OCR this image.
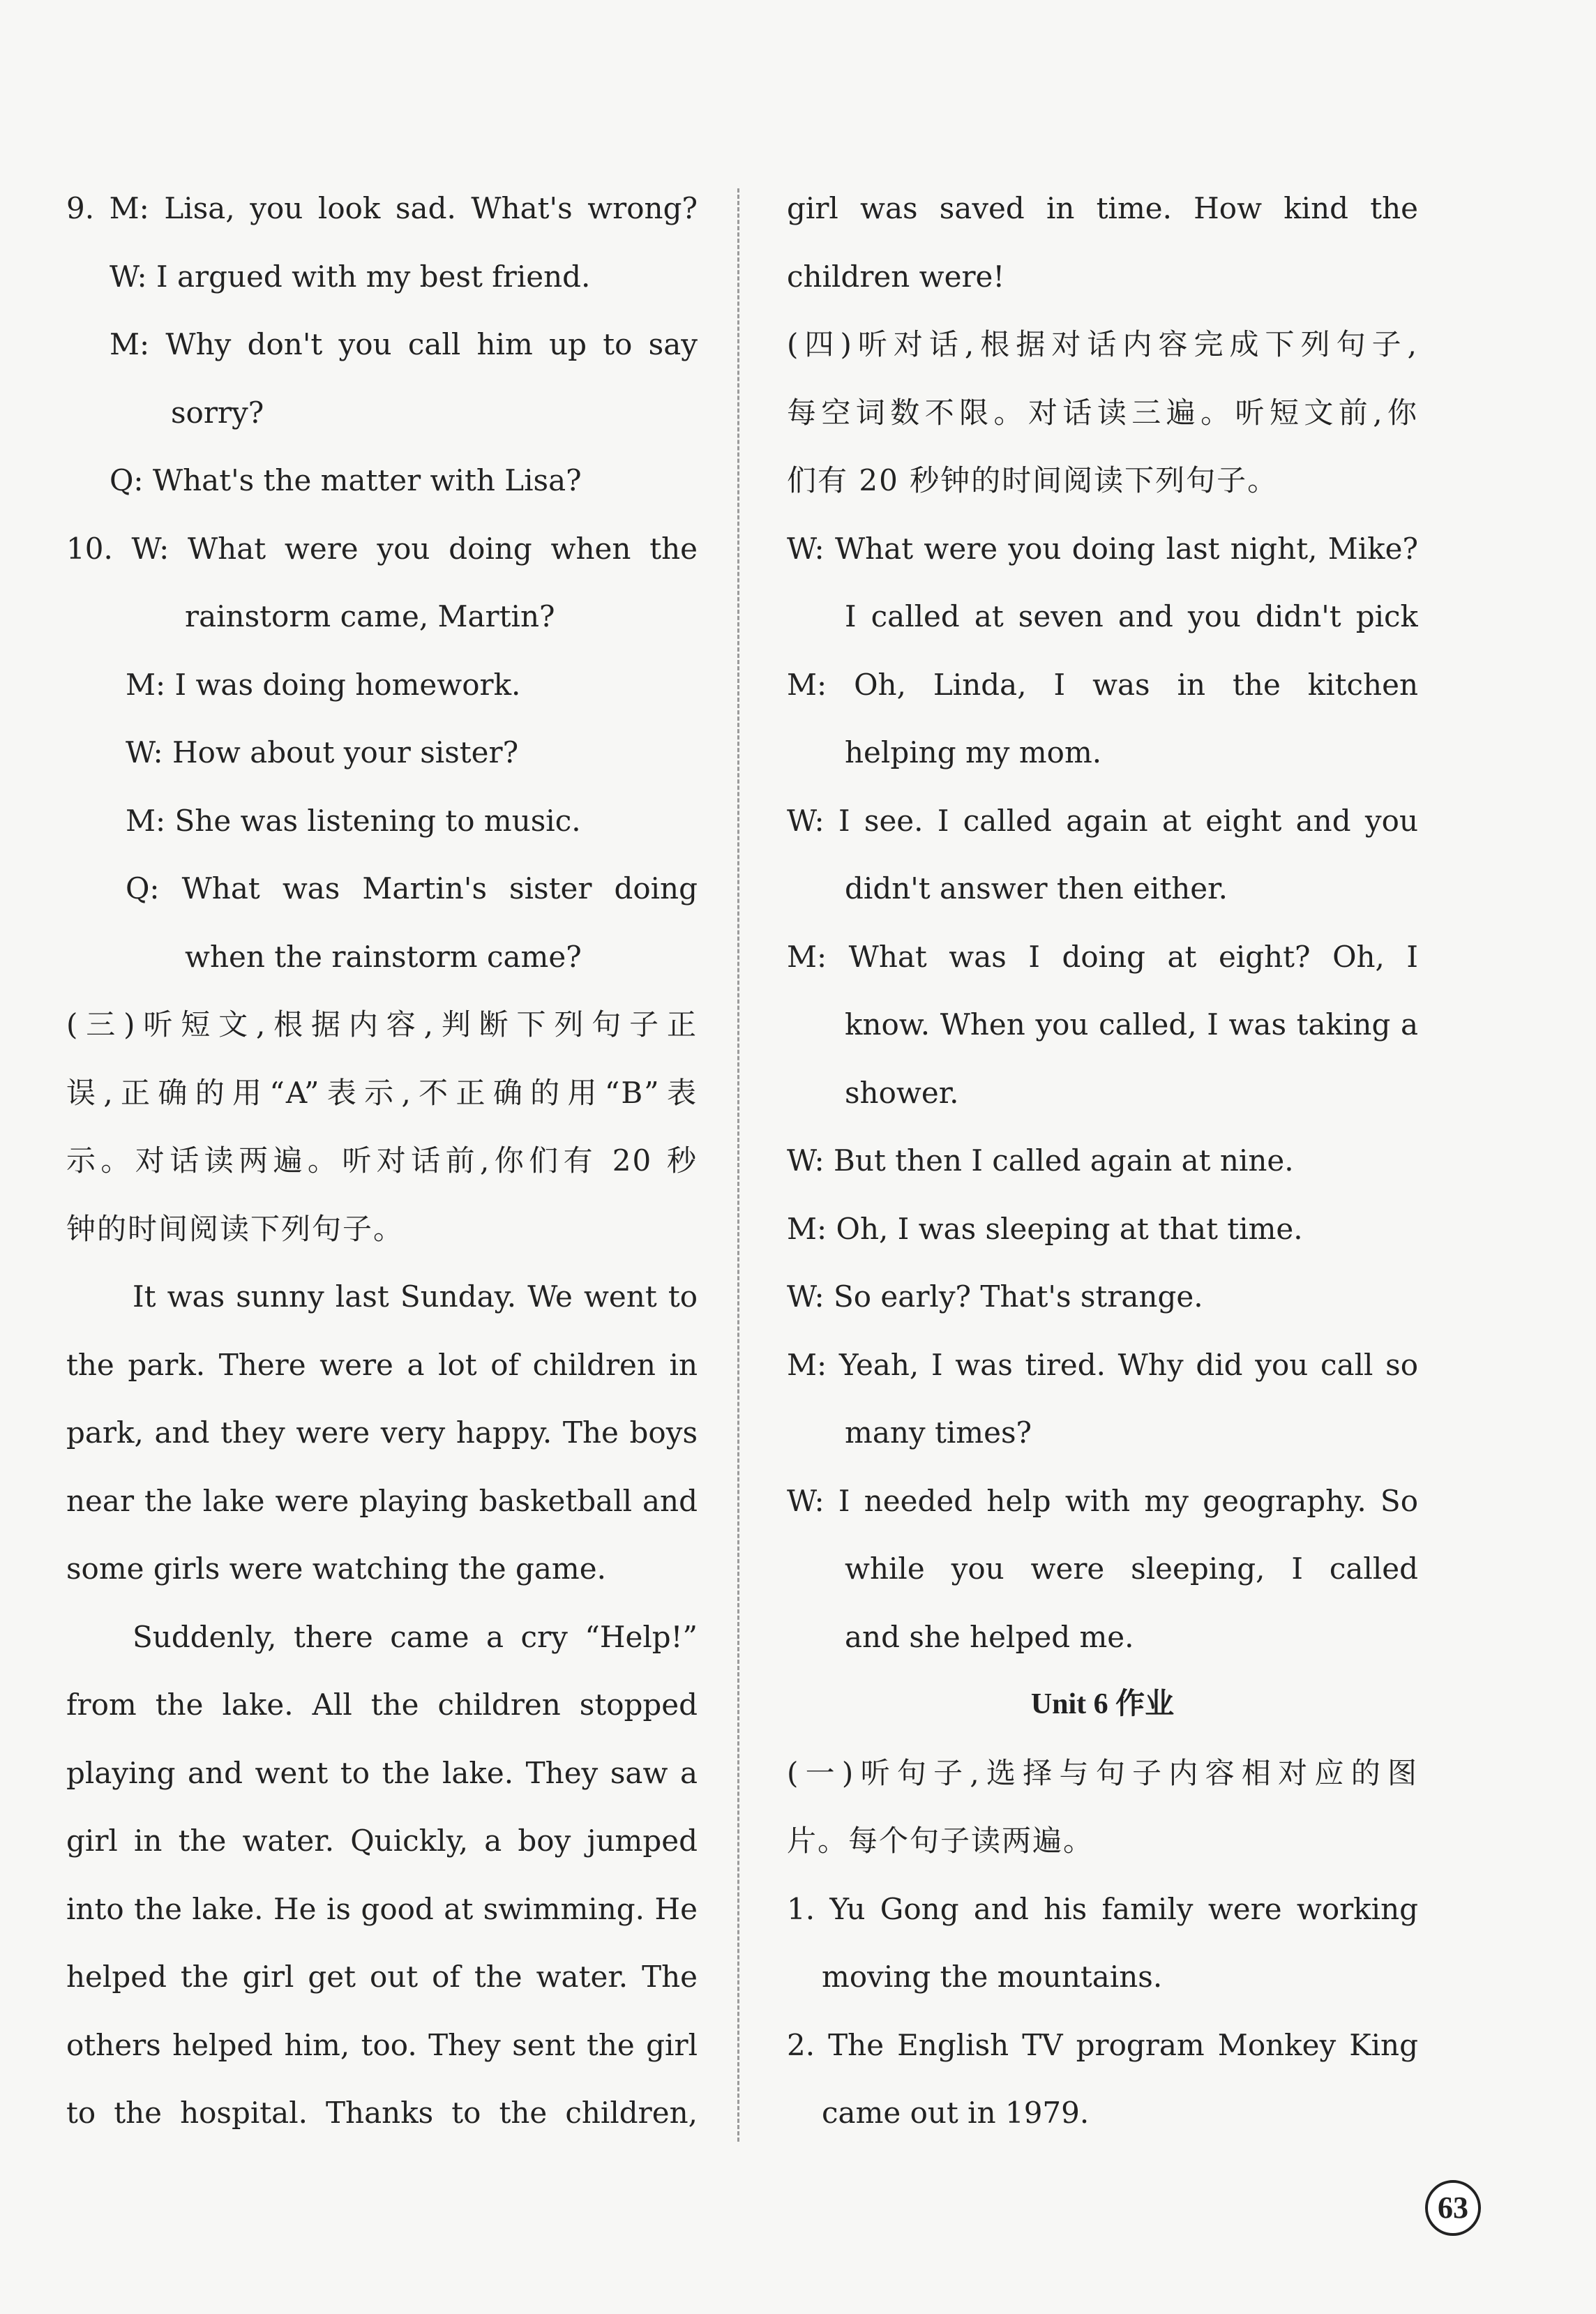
9. M: Lisa, you look sad. What's wrong?
W: I argued with my best friend.
M: Why don't you call him up to say
sorry?
Q: What's the matter with Lisa?
10. W: What were you doing when the
rainstorm came, Martin?
M: I was doing homework.
W: How about your sister?
M: She was listening to music.
Q: What was Martin's sister doing
when the rainstorm came?
(三)听短文,根据内容,判断下列句子正
误,正确的用“A”表示,不正确的用“B”表
示。对话读两遍。听对话前,你们有 20 秒
钟的时间阅读下列句子。
It was sunny last Sunday. We went to
the park. There were a lot of children in
park, and they were very happy. The boys
near the lake were playing basketball and
some girls were watching the game.
Suddenly, there came a cry “Help!”
from the lake. All the children stopped
playing and went to the lake. They saw a
girl in the water. Quickly, a boy jumped
into the lake. He is good at swimming. He
helped the girl get out of the water. The
others helped him, too. They sent the girl
to the hospital. Thanks to the children,
girl was saved in time. How kind the
children were!
(四)听对话,根据对话内容完成下列句子,
每空词数不限。对话读三遍。听短文前,你
们有 20 秒钟的时间阅读下列句子。
W: What were you doing last night, Mike?
I called at seven and you didn't pick
M: Oh, Linda, I was in the kitchen
helping my mom.
W: I see. I called again at eight and you
didn't answer then either.
M: What was I doing at eight? Oh, I
know. When you called, I was taking a
shower.
W: But then I called again at nine.
M: Oh, I was sleeping at that time.
W: So early? That's strange.
M: Yeah, I was tired. Why did you call so
many times?
W: I needed help with my geography. So
while you were sleeping, I called
and she helped me.
Unit 6 作业
(一)听句子,选择与句子内容相对应的图
片。每个句子读两遍。
1. Yu Gong and his family were working
moving the mountains.
2. The English TV program Monkey King
came out in 1979.
63
